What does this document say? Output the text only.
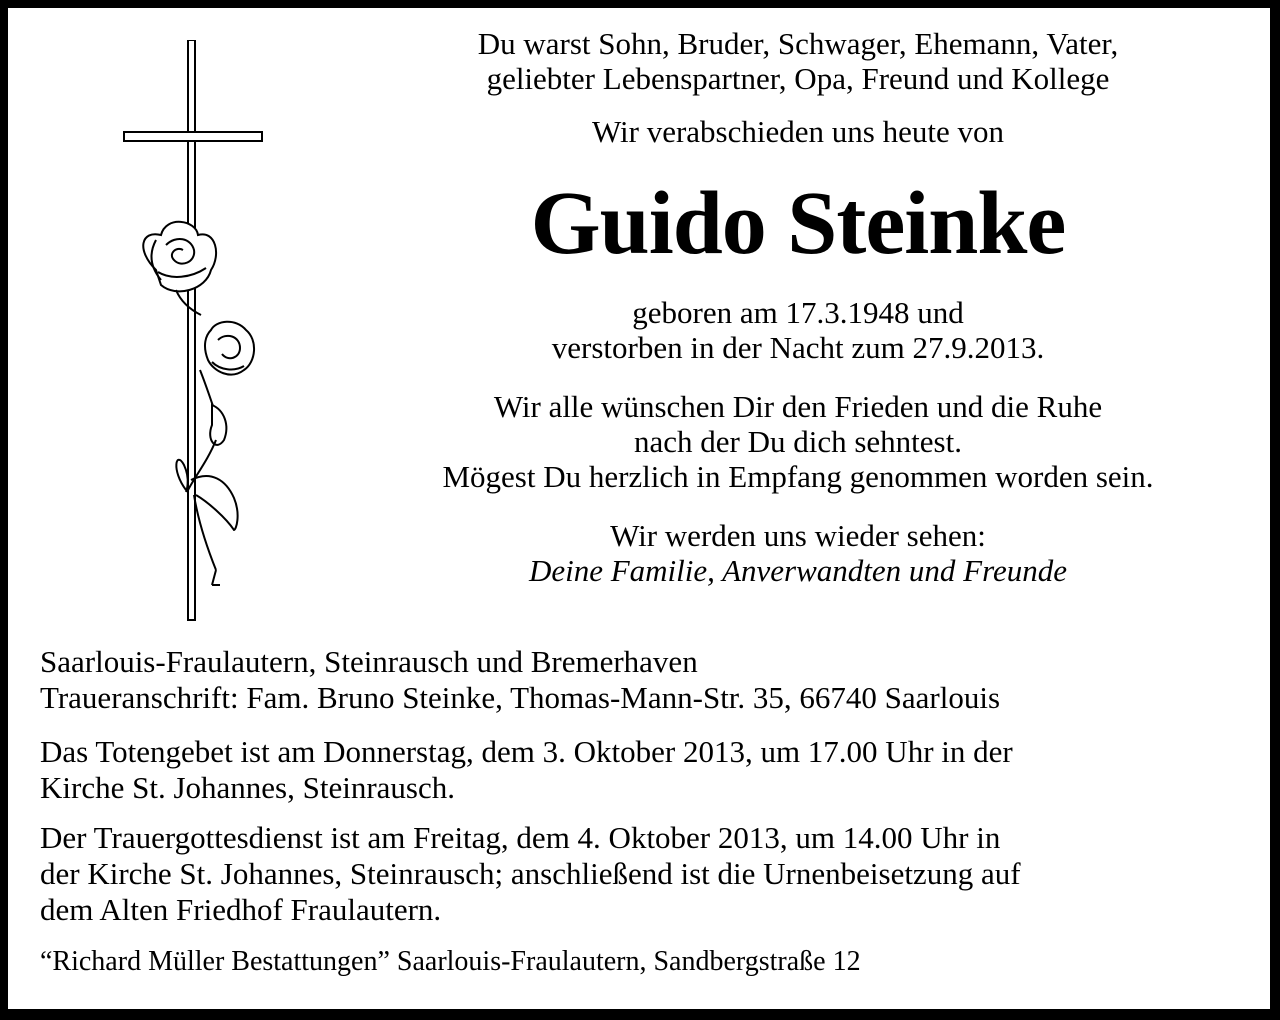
Du warst Sohn, Bruder, Schwager, Ehemann, Vater,
geliebter Lebenspartner, Opa, Freund und Kollege
Wir verabschieden uns heute von
Guido Steinke
geboren am 17.3.1948 und
verstorben in der Nacht zum 27.9.2013.
Wir alle wünschen Dir den Frieden und die Ruhe
nach der Du dich sehntest.
Mögest Du herzlich in Empfang genommen worden sein.
Wir werden uns wieder sehen:
Deine Familie, Anverwandten und Freunde
Saarlouis-Fraulautern, Steinrausch und Bremerhaven
Traueranschrift: Fam. Bruno Steinke, Thomas-Mann-Str. 35, 66740 Saarlouis
Das Totengebet ist am Donnerstag, dem 3. Oktober 2013, um 17.00 Uhr in der
Kirche St. Johannes, Steinrausch.
Der Trauergottesdienst ist am Freitag, dem 4. Oktober 2013, um 14.00 Uhr in
der Kirche St. Johannes, Steinrausch; anschließend ist die Urnenbeisetzung auf
dem Alten Friedhof Fraulautern.
“Richard Müller Bestattungen” Saarlouis-Fraulautern, Sandbergstraße 12
